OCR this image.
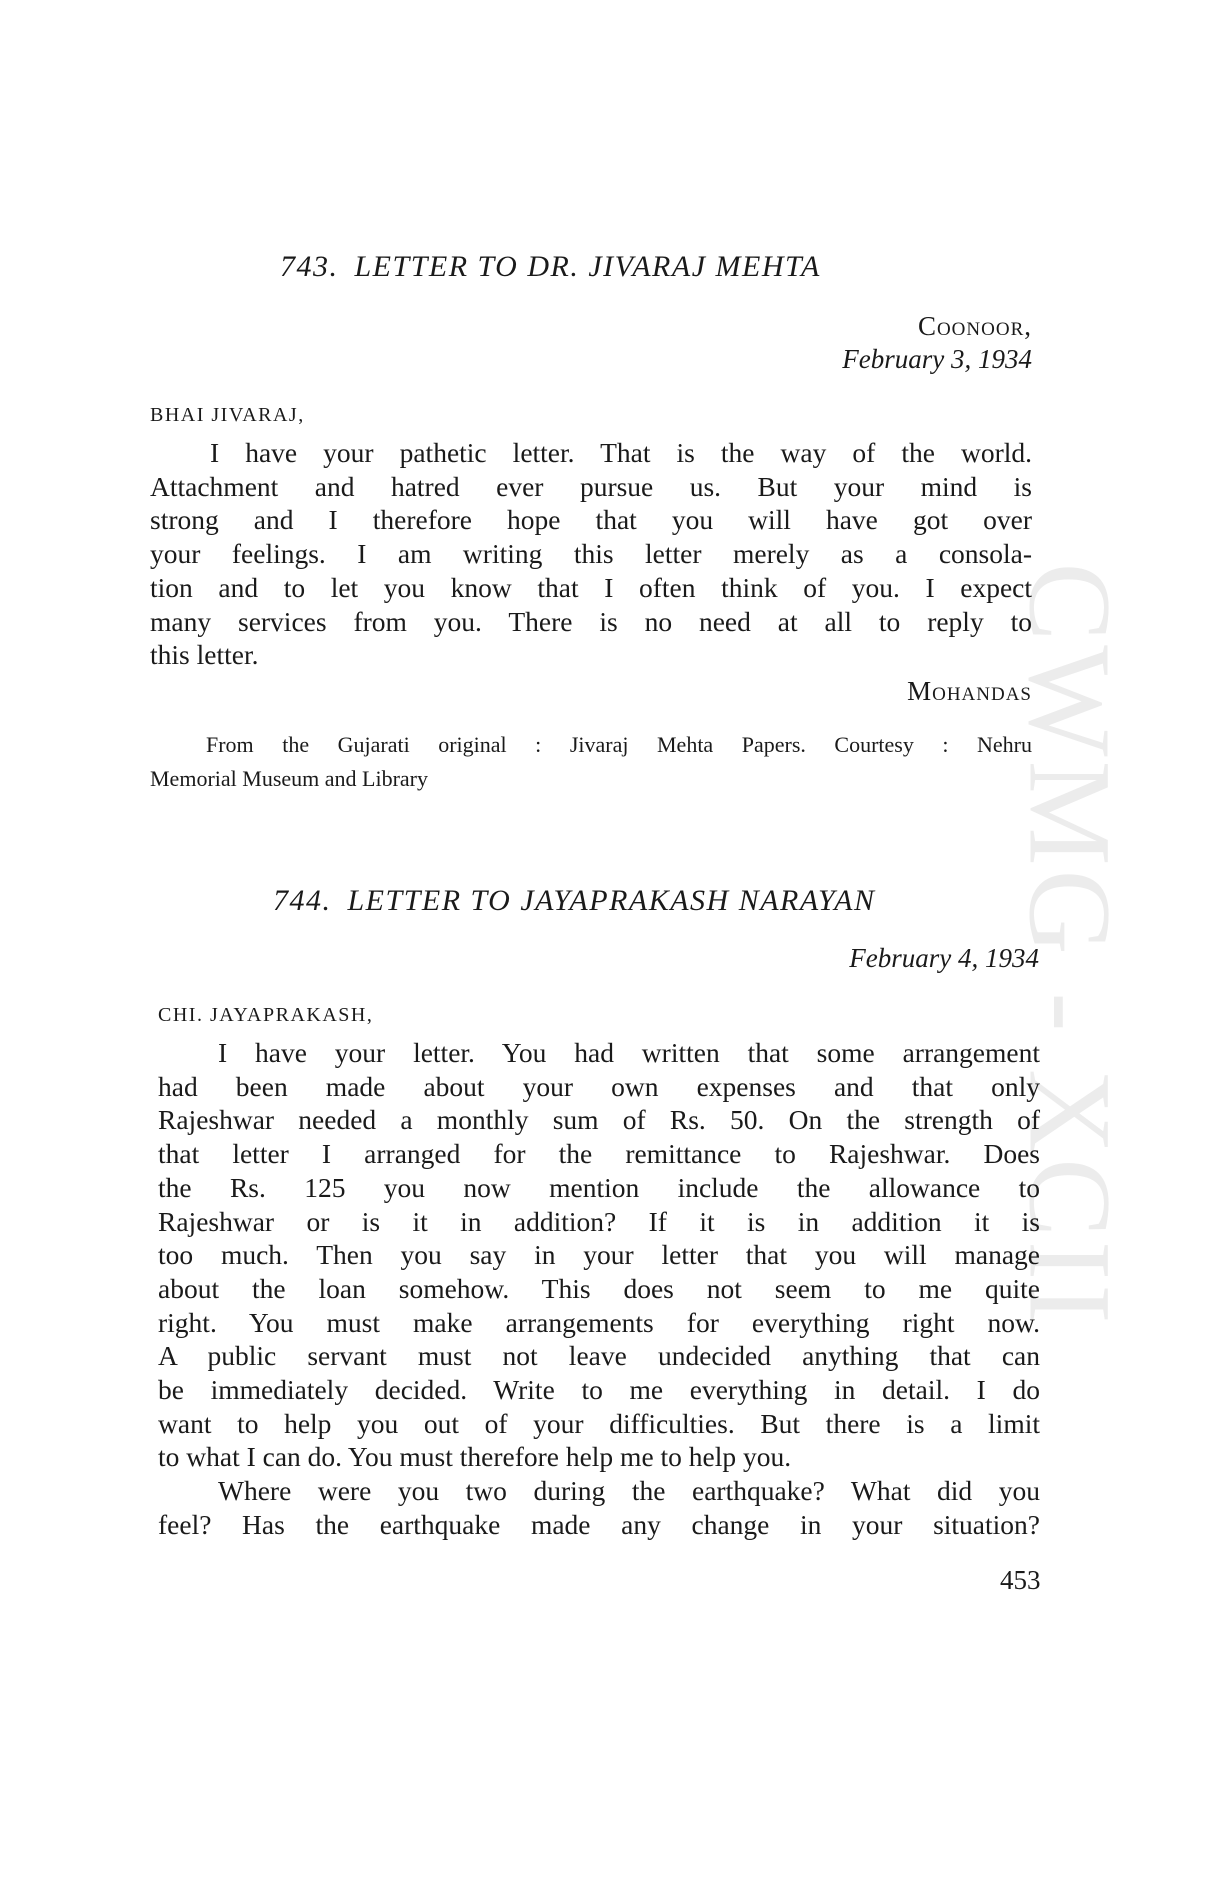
CWMG - XCII
743. LETTER TO DR. JIVARAJ MEHTA
Coonoor,
February 3, 1934
BHAI JIVARAJ,
I have your pathetic letter. That is the way of the world.
Attachment and hatred ever pursue us. But your mind is
strong and I therefore hope that you will have got over
your feelings. I am writing this letter merely as a consola-
tion and to let you know that I often think of you. I expect
many services from you. There is no need at all to reply to
this letter.
Mohandas
From the Gujarati original : Jivaraj Mehta Papers. Courtesy : Nehru
Memorial Museum and Library
744. LETTER TO JAYAPRAKASH NARAYAN
February 4, 1934
CHI. JAYAPRAKASH,
I have your letter. You had written that some arrangement
had been made about your own expenses and that only
Rajeshwar needed a monthly sum of Rs. 50. On the strength of
that letter I arranged for the remittance to Rajeshwar. Does
the Rs. 125 you now mention include the allowance to
Rajeshwar or is it in addition? If it is in addition it is
too much. Then you say in your letter that you will manage
about the loan somehow. This does not seem to me quite
right. You must make arrangements for everything right now.
A public servant must not leave undecided anything that can
be immediately decided. Write to me everything in detail. I do
want to help you out of your difficulties. But there is a limit
to what I can do. You must therefore help me to help you.
Where were you two during the earthquake? What did you
feel? Has the earthquake made any change in your situation?
453
